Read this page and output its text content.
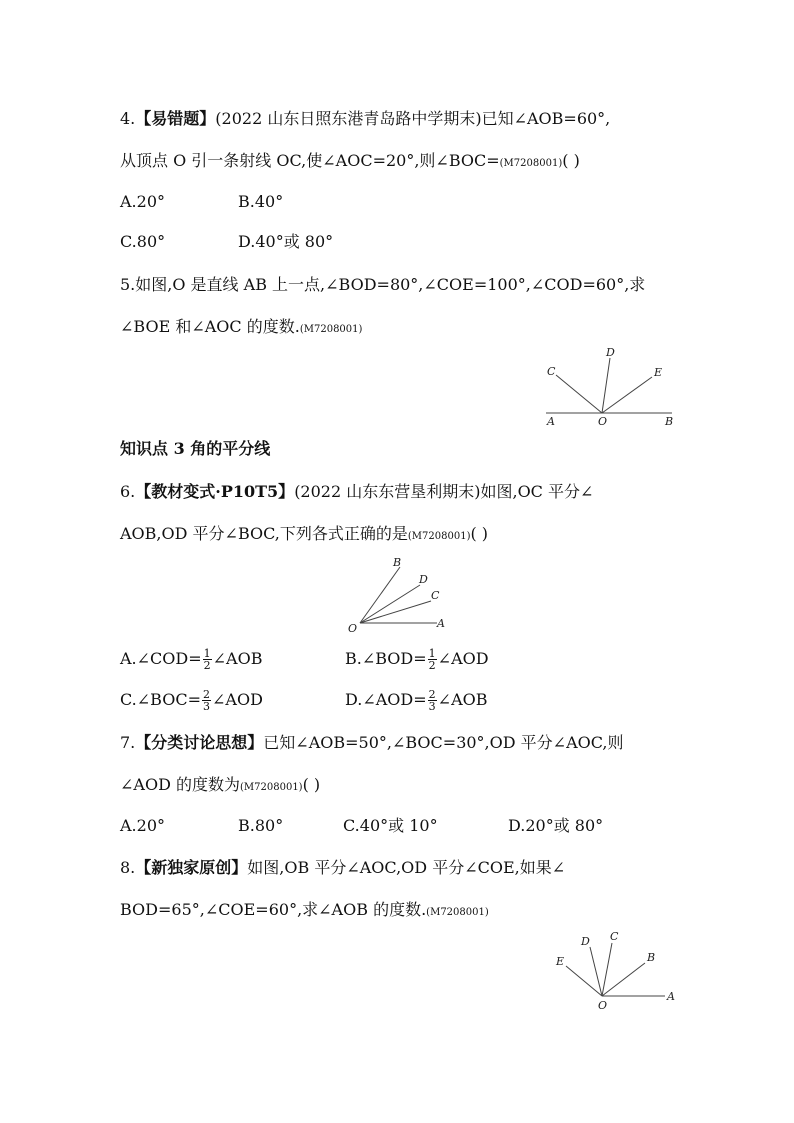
4.【易错题】(2022 山东日照东港青岛路中学期末)已知∠AOB=60°,
从顶点 O 引一条射线 OC,使∠AOC=20°,则∠BOC=(M7208001)( )
A.20°	B.40°
C.80°	D.40°或 80°
5.如图,O 是直线 AB 上一点,∠BOD=80°,∠COE=100°,∠COD=60°,求
∠BOE 和∠AOC 的度数.(M7208001)
A	O	B
C
D
E
知识点 3 角的平分线
6.【教材变式·P10T5】(2022 山东东营垦利期末)如图,OC 平分∠
AOB,OD 平分∠BOC,下列各式正确的是(M7208001)( )
B
D
C
O	A
A.∠COD= $\frac{1}{2}$ ∠AOB	B.∠BOD= $\frac{1}{2}$ ∠AOD
C.∠BOC= $\frac{2}{3}$ ∠AOD	D.∠AOD= $\frac{2}{3}$ ∠AOB
7.【分类讨论思想】已知∠AOB=50°,∠BOC=30°,OD 平分∠AOC,则
∠AOD 的度数为(M7208001)( )
A.20°	B.80°	C.40°或 10°	D.20°或 80°
8.【新独家原创】如图,OB 平分∠AOC,OD 平分∠COE,如果∠
BOD=65°,∠COE=60°,求∠AOB 的度数.(M7208001)
D C
E	B
O
A
